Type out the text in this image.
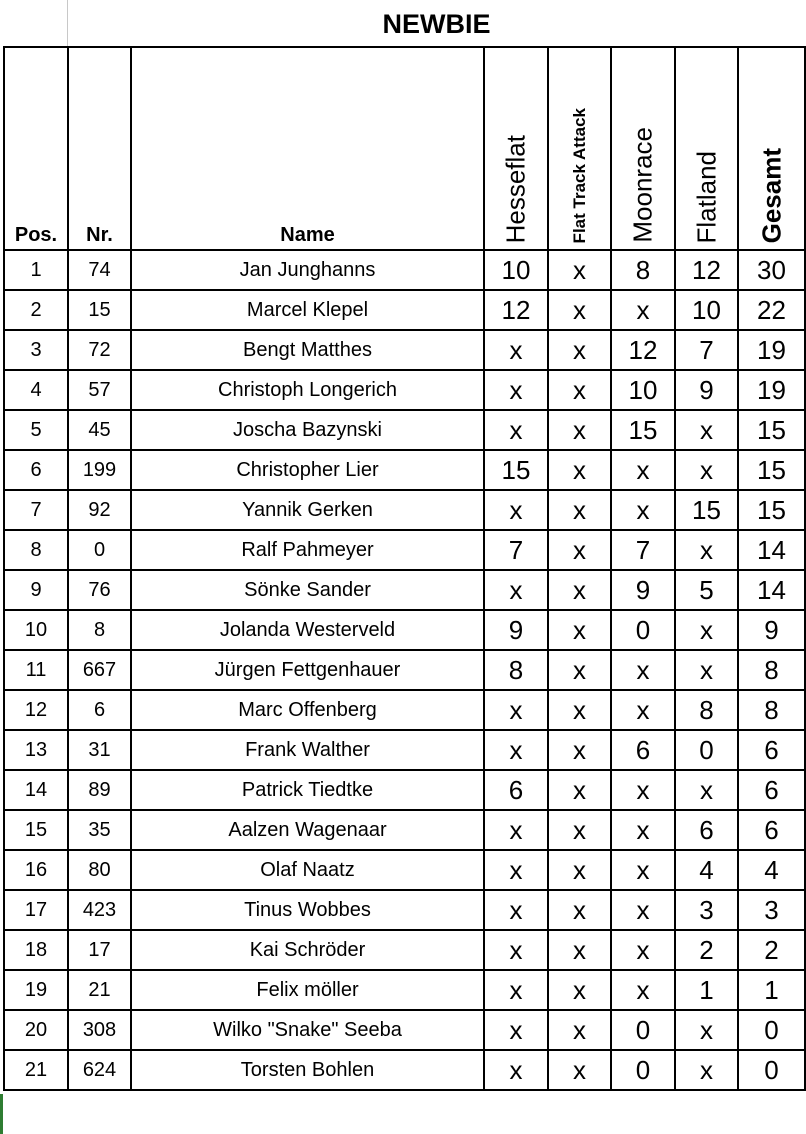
NEWBIE
Pos.	Nr.	Name	Hesseflat	Flat Track Attack	Moonrace	Flatland	Gesamt

1	74	Jan Junghanns	10	x	8	12	30
2	15	Marcel Klepel	12	x	x	10	22
3	72	Bengt Matthes	x	x	12	7	19
4	57	Christoph Longerich	x	x	10	9	19
5	45	Joscha Bazynski	x	x	15	x	15
6	199	Christopher Lier	15	x	x	x	15
7	92	Yannik Gerken	x	x	x	15	15
8	0	Ralf Pahmeyer	7	x	7	x	14
9	76	Sönke Sander	x	x	9	5	14
10	8	Jolanda Westerveld	9	x	0	x	9
11	667	Jürgen Fettgenhauer	8	x	x	x	8
12	6	Marc Offenberg	x	x	x	8	8
13	31	Frank Walther	x	x	6	0	6
14	89	Patrick Tiedtke	6	x	x	x	6
15	35	Aalzen Wagenaar	x	x	x	6	6
16	80	Olaf Naatz	x	x	x	4	4
17	423	Tinus Wobbes	x	x	x	3	3
18	17	Kai Schröder	x	x	x	2	2
19	21	Felix möller	x	x	x	1	1
20	308	Wilko "Snake" Seeba	x	x	0	x	0
21	624	Torsten Bohlen	x	x	0	x	0
